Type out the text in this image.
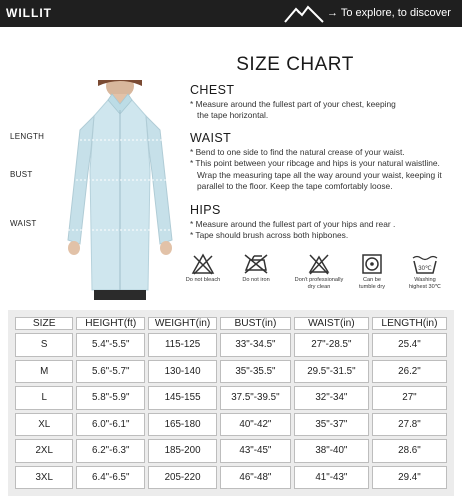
WILLIT	→ To explore, to discover
LENGTH
BUST
WAIST
SIZE CHART
CHEST
* Measure around the fullest part of your chest, keeping
the tape horizontal.
WAIST
* Bend to one side to find the natural crease of your waist.
* This point between your ribcage and hips is your natural waistline.
Wrap the measuring tape all the way around your waist, keeping it
parallel to the floor. Keep the tape comfortably loose.
HIPS
* Measure around the fullest part of your hips and rear .
* Tape should brush across both hipbones.
Do not bleach	Do not iron	Don't professionally
dry clean
Can be
tumble dry
30℃
Washing
highest 30℃
SIZE	HEIGHT(ft)	WEIGHT(in)	BUST(in)	WAIST(in)	LENGTH(in)
S	5.4"-5.5"	115-125	33"-34.5"	27"-28.5"	25.4"
M	5.6"-5.7"	130-140	35"-35.5"	29.5"-31.5"	26.2"
L	5.8"-5.9"	145-155	37.5"-39.5"	32"-34"	27"
XL	6.0"-6.1"	165-180	40"-42"	35"-37"	27.8"
2XL	6.2"-6.3"	185-200	43"-45"	38"-40"	28.6"
3XL	6.4"-6.5"	205-220	46"-48"	41"-43"	29.4"
